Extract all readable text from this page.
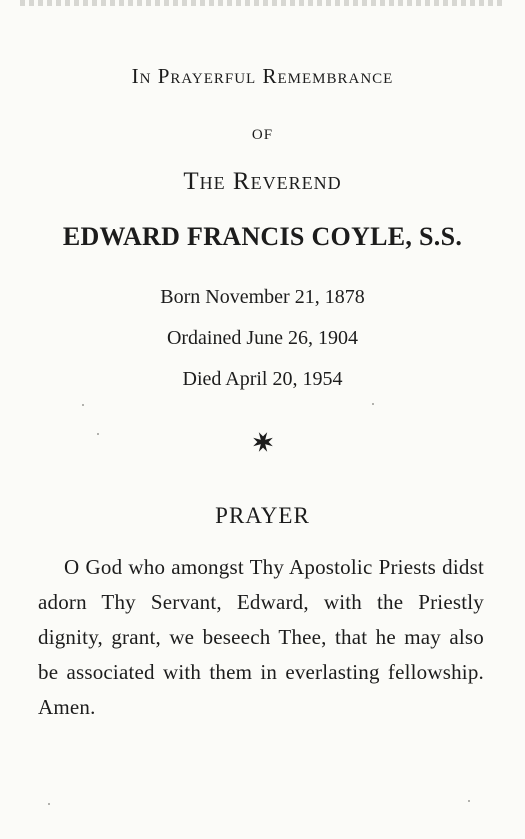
In Prayerful Remembrance
of
The Reverend
EDWARD FRANCIS COYLE, S.S.
Born November 21, 1878
Ordained June 26, 1904
Died April 20, 1954
PRAYER
O God who amongst Thy Apostolic Priests didst adorn Thy Servant, Edward, with the Priestly dignity, grant, we beseech Thee, that he may also be associated with them in everlasting fellowship. Amen.
